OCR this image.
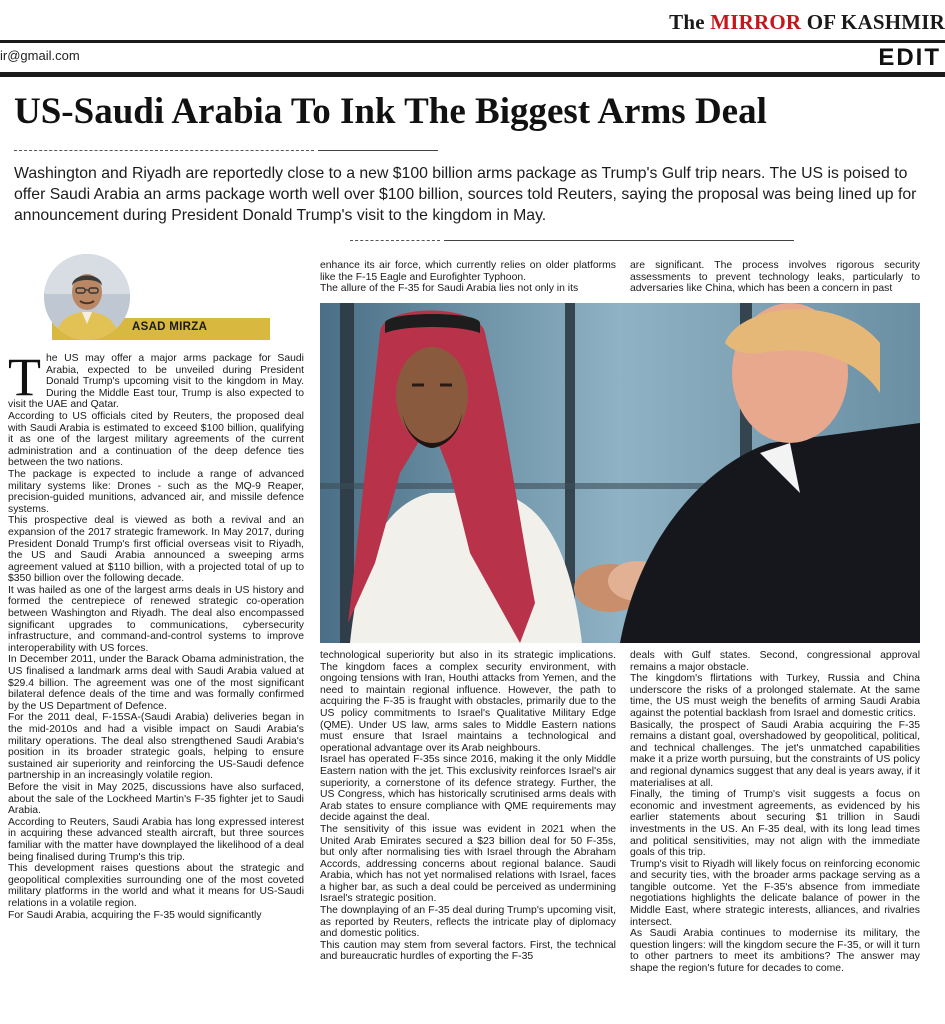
The MIRROR OF KASHMIR
ir@gmail.com	EDIT
US-Saudi Arabia To Ink The Biggest Arms Deal

Washington and Riyadh are reportedly close to a new $100 billion arms package as Trump's Gulf trip nears. The US is poised to offer Saudi Arabia an arms package worth well over $100 billion, sources told Reuters, saying the proposal was being lined up for announcement during President Donald Trump's visit to the kingdom in May.

ASAD MIRZA

The US may offer a major arms package for Saudi Arabia, expected to be unveiled during President Donald Trump's upcoming visit to the kingdom in May. During the Middle East tour, Trump is also expected to visit the UAE and Qatar.

According to US officials cited by Reuters, the proposed deal with Saudi Arabia is estimated to exceed $100 billion, qualifying it as one of the largest military agreements of the current administration and a continuation of the deep defence ties between the two nations.

The package is expected to include a range of advanced military systems like: Drones - such as the MQ-9 Reaper, precision-guided munitions, advanced air, and missile defence systems.

This prospective deal is viewed as both a revival and an expansion of the 2017 strategic framework. In May 2017, during President Donald Trump's first official overseas visit to Riyadh, the US and Saudi Arabia announced a sweeping arms agreement valued at $110 billion, with a projected total of up to $350 billion over the following decade.

It was hailed as one of the largest arms deals in US history and formed the centrepiece of renewed strategic co-operation between Washington and Riyadh. The deal also encompassed significant upgrades to communications, cybersecurity infrastructure, and command-and-control systems to improve interoperability with US forces.

In December 2011, under the Barack Obama administration, the US finalised a landmark arms deal with Saudi Arabia valued at $29.4 billion. The agreement was one of the most significant bilateral defence deals of the time and was formally confirmed by the US Department of Defence.

For the 2011 deal, F-15SA-(Saudi Arabia) deliveries began in the mid-2010s and had a visible impact on Saudi Arabia's military operations. The deal also strengthened Saudi Arabia's position in its broader strategic goals, helping to ensure sustained air superiority and reinforcing the US-Saudi defence partnership in an increasingly volatile region.

Before the visit in May 2025, discussions have also surfaced, about the sale of the Lockheed Martin's F-35 fighter jet to Saudi Arabia.

According to Reuters, Saudi Arabia has long expressed interest in acquiring these advanced stealth aircraft, but three sources familiar with the matter have downplayed the likelihood of a deal being finalised during Trump's this trip.

This development raises questions about the strategic and geopolitical complexities surrounding one of the most coveted military platforms in the world and what it means for US-Saudi relations in a volatile region.

For Saudi Arabia, acquiring the F-35 would significantly

enhance its air force, which currently relies on older platforms like the F-15 Eagle and Eurofighter Typhoon.

The allure of the F-35 for Saudi Arabia lies not only in its

are significant. The process involves rigorous security assessments to prevent technology leaks, particularly to adversaries like China, which has been a concern in past

technological superiority but also in its strategic implications. The kingdom faces a complex security environment, with ongoing tensions with Iran, Houthi attacks from Yemen, and the need to maintain regional influence. However, the path to acquiring the F-35 is fraught with obstacles, primarily due to the US policy commitments to Israel's Qualitative Military Edge (QME). Under US law, arms sales to Middle Eastern nations must ensure that Israel maintains a technological and operational advantage over its Arab neighbours.

Israel has operated F-35s since 2016, making it the only Middle Eastern nation with the jet. This exclusivity reinforces Israel's air superiority, a cornerstone of its defence strategy. Further, the US Congress, which has historically scrutinised arms deals with Arab states to ensure compliance with QME requirements may decide against the deal.

The sensitivity of this issue was evident in 2021 when the United Arab Emirates secured a $23 billion deal for 50 F-35s, but only after normalising ties with Israel through the Abraham Accords, addressing concerns about regional balance. Saudi Arabia, which has not yet normalised relations with Israel, faces a higher bar, as such a deal could be perceived as undermining Israel's strategic position.

The downplaying of an F-35 deal during Trump's upcoming visit, as reported by Reuters, reflects the intricate play of diplomacy and domestic politics.

This caution may stem from several factors. First, the technical and bureaucratic hurdles of exporting the F-35

deals with Gulf states. Second, congressional approval remains a major obstacle.

The kingdom's flirtations with Turkey, Russia and China underscore the risks of a prolonged stalemate. At the same time, the US must weigh the benefits of arming Saudi Arabia against the potential backlash from Israel and domestic critics.

Basically, the prospect of Saudi Arabia acquiring the F-35 remains a distant goal, overshadowed by geopolitical, political, and technical challenges. The jet's unmatched capabilities make it a prize worth pursuing, but the constraints of US policy and regional dynamics suggest that any deal is years away, if it materialises at all.

Finally, the timing of Trump's visit suggests a focus on economic and investment agreements, as evidenced by his earlier statements about securing $1 trillion in Saudi investments in the US. An F-35 deal, with its long lead times and political sensitivities, may not align with the immediate goals of this trip.

Trump's visit to Riyadh will likely focus on reinforcing economic and security ties, with the broader arms package serving as a tangible outcome. Yet the F-35's absence from immediate negotiations highlights the delicate balance of power in the Middle East, where strategic interests, alliances, and rivalries intersect.

As Saudi Arabia continues to modernise its military, the question lingers: will the kingdom secure the F-35, or will it turn to other partners to meet its ambitions? The answer may shape the region's future for decades to come.
